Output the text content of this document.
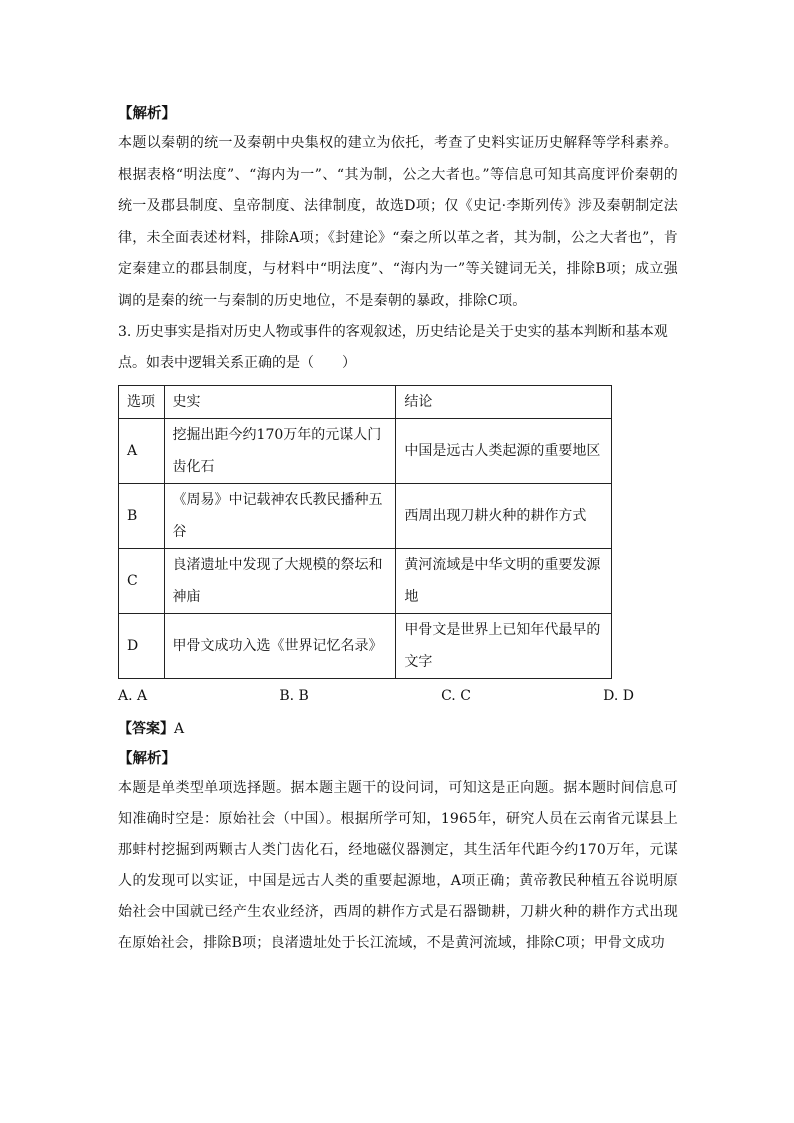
【解析】

本题以秦朝的统一及秦朝中央集权的建立为依托，考查了史料实证历史解释等学科素养。根据表格“明法度”、“海内为一”、“其为制，公之大者也。”等信息可知其高度评价秦朝的统一及郡县制度、皇帝制度、法律制度，故选D项；仅《史记·李斯列传》涉及秦朝制定法律，未全面表述材料，排除A项；《封建论》“秦之所以革之者，其为制，公之大者也”，肯定秦建立的郡县制度，与材料中“明法度”、“海内为一”等关键词无关，排除B项；成立强调的是秦的统一与秦制的历史地位，不是秦朝的暴政，排除C项。

3. 历史事实是指对历史人物或事件的客观叙述，历史结论是关于史实的基本判断和基本观点。如表中逻辑关系正确的是（　　）

选项	史实	结论
A	挖掘出距今约170万年的元谋人门齿化石	中国是远古人类起源的重要地区
B	《周易》中记载神农氏教民播种五谷	西周出现刀耕火种的耕作方式
C	良渚遗址中发现了大规模的祭坛和神庙	黄河流域是中华文明的重要发源地
D	甲骨文成功入选《世界记忆名录》	甲骨文是世界上已知年代最早的文字
A. A	B. B	C. C	D. D
【答案】A

【解析】

本题是单类型单项选择题。据本题主题干的设问词，可知这是正向题。据本题时间信息可知准确时空是：原始社会（中国）。根据所学可知，1965年，研究人员在云南省元谋县上那蚌村挖掘到两颗古人类门齿化石，经地磁仪器测定，其生活年代距今约170万年，元谋人的发现可以实证，中国是远古人类的重要起源地，A项正确；黄帝教民种植五谷说明原始社会中国就已经产生农业经济，西周的耕作方式是石器锄耕，刀耕火种的耕作方式出现在原始社会，排除B项；良渚遗址处于长江流域，不是黄河流域，排除C项；甲骨文成功
